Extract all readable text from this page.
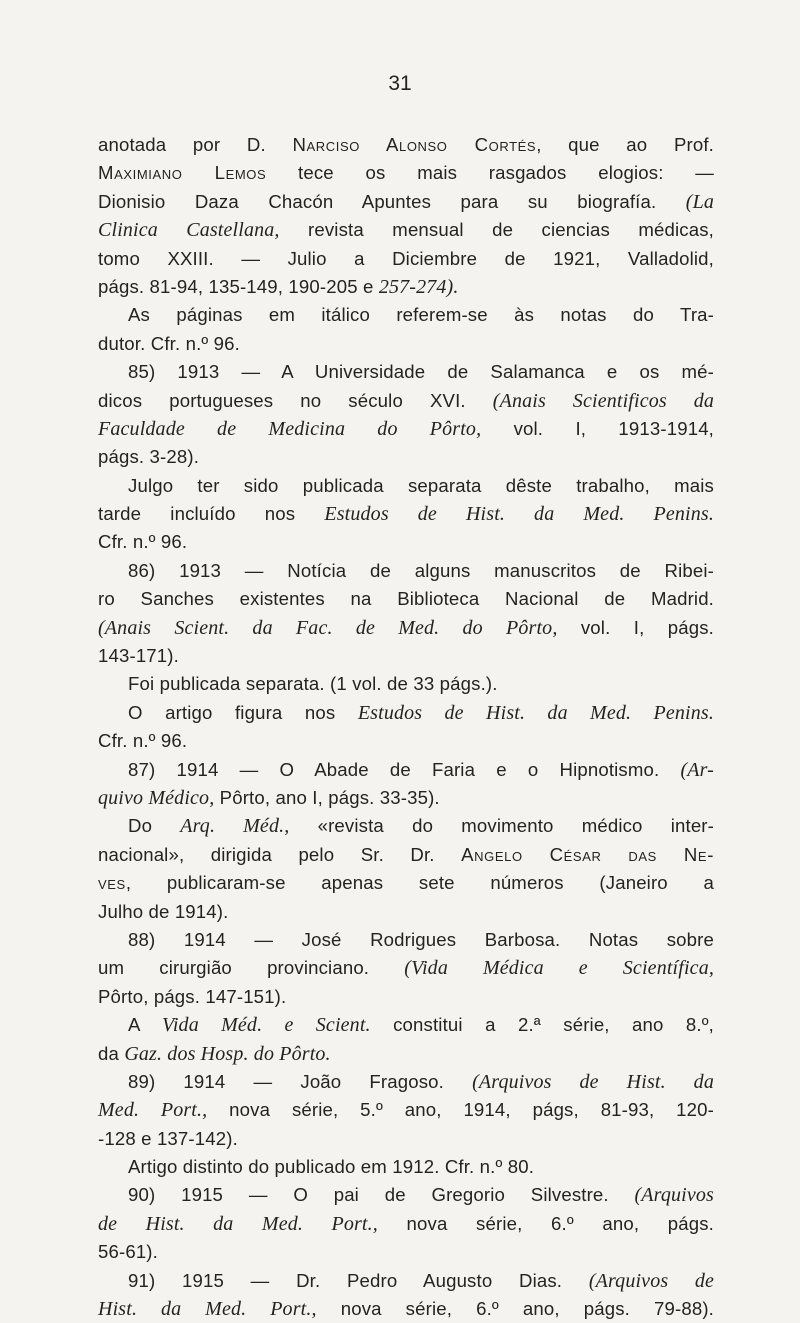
31
anotada por D. Narciso Alonso Cortés, que ao Prof.
Maximiano Lemos tece os mais rasgados elogios: —
Dionisio Daza Chacón Apuntes para su biografía. (La
Clinica Castellana, revista mensual de ciencias médicas,
tomo XXIII. — Julio a Diciembre de 1921, Valladolid,
págs. 81-94, 135-149, 190-205 e 257-274).
As páginas em itálico referem-se às notas do Tra-
dutor. Cfr. n.º 96.
85) 1913 — A Universidade de Salamanca e os mé-
dicos portugueses no século XVI. (Anais Scientificos da
Faculdade de Medicina do Pôrto, vol. I, 1913-1914,
págs. 3-28).
Julgo ter sido publicada separata dêste trabalho, mais
tarde incluído nos Estudos de Hist. da Med. Penins.
Cfr. n.º 96.
86) 1913 — Notícia de alguns manuscritos de Ribei-
ro Sanches existentes na Biblioteca Nacional de Madrid.
(Anais Scient. da Fac. de Med. do Pôrto, vol. I, págs.
143-171).
Foi publicada separata. (1 vol. de 33 págs.).
O artigo figura nos Estudos de Hist. da Med. Penins.
Cfr. n.º 96.
87) 1914 — O Abade de Faria e o Hipnotismo. (Ar-
quivo Médico, Pôrto, ano I, págs. 33-35).
Do Arq. Méd., «revista do movimento médico inter-
nacional», dirigida pelo Sr. Dr. Angelo César das Ne-
ves, publicaram-se apenas sete números (Janeiro a
Julho de 1914).
88) 1914 — José Rodrigues Barbosa. Notas sobre
um cirurgião provinciano. (Vida Médica e Scientífica,
Pôrto, págs. 147-151).
A Vida Méd. e Scient. constitui a 2.ª série, ano 8.º,
da Gaz. dos Hosp. do Pôrto.
89) 1914 — João Fragoso. (Arquivos de Hist. da
Med. Port., nova série, 5.º ano, 1914, págs, 81-93, 120-
-128 e 137-142).
Artigo distinto do publicado em 1912. Cfr. n.º 80.
90) 1915 — O pai de Gregorio Silvestre. (Arquivos
de Hist. da Med. Port., nova série, 6.º ano, págs.
56-61).
91) 1915 — Dr. Pedro Augusto Dias. (Arquivos de
Hist. da Med. Port., nova série, 6.º ano, págs. 79-88).
